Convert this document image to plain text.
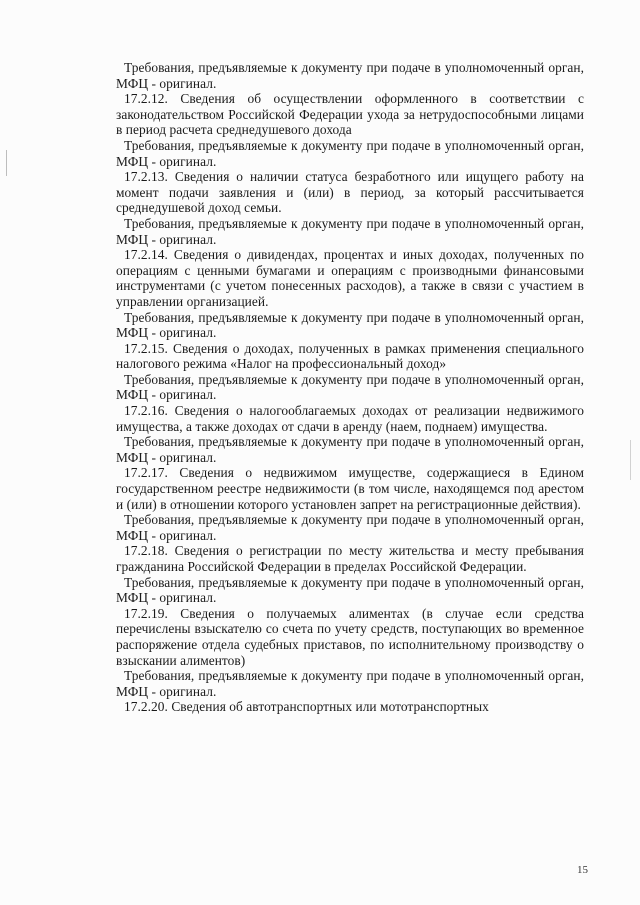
Требования, предъявляемые к документу при подаче в уполномоченный орган, МФЦ - оригинал.

17.2.12. Сведения об осуществлении оформленного в соответствии с законодательством Российской Федерации ухода за нетрудоспособными лицами в период расчета среднедушевого дохода

Требования, предъявляемые к документу при подаче в уполномоченный орган, МФЦ - оригинал.

17.2.13. Сведения о наличии статуса безработного или ищущего работу на момент подачи заявления и (или) в период, за который рассчитывается среднедушевой доход семьи.

Требования, предъявляемые к документу при подаче в уполномоченный орган, МФЦ - оригинал.

17.2.14. Сведения о дивидендах, процентах и иных доходах, полученных по операциям с ценными бумагами и операциям с производными финансовыми инструментами (с учетом понесенных расходов), а также в связи с участием в управлении организацией.

Требования, предъявляемые к документу при подаче в уполномоченный орган, МФЦ - оригинал.

17.2.15. Сведения о доходах, полученных в рамках применения специального налогового режима «Налог на профессиональный доход»

Требования, предъявляемые к документу при подаче в уполномоченный орган, МФЦ - оригинал.

17.2.16. Сведения о налогооблагаемых доходах от реализации недвижимого имущества, а также доходах от сдачи в аренду (наем, поднаем) имущества.

Требования, предъявляемые к документу при подаче в уполномоченный орган, МФЦ - оригинал.

17.2.17. Сведения о недвижимом имуществе, содержащиеся в Едином государственном реестре недвижимости (в том числе, находящемся под арестом и (или) в отношении которого установлен запрет на регистрационные действия).

Требования, предъявляемые к документу при подаче в уполномоченный орган, МФЦ - оригинал.

17.2.18. Сведения о регистрации по месту жительства и месту пребывания гражданина Российской Федерации в пределах Российской Федерации.

Требования, предъявляемые к документу при подаче в уполномоченный орган, МФЦ - оригинал.

17.2.19. Сведения о получаемых алиментах (в случае если средства перечислены взыскателю со счета по учету средств, поступающих во временное распоряжение отдела судебных приставов, по исполнительному производству о взыскании алиментов)

Требования, предъявляемые к документу при подаче в уполномоченный орган, МФЦ - оригинал.

17.2.20. Сведения об автотранспортных или мототранспортных

15
